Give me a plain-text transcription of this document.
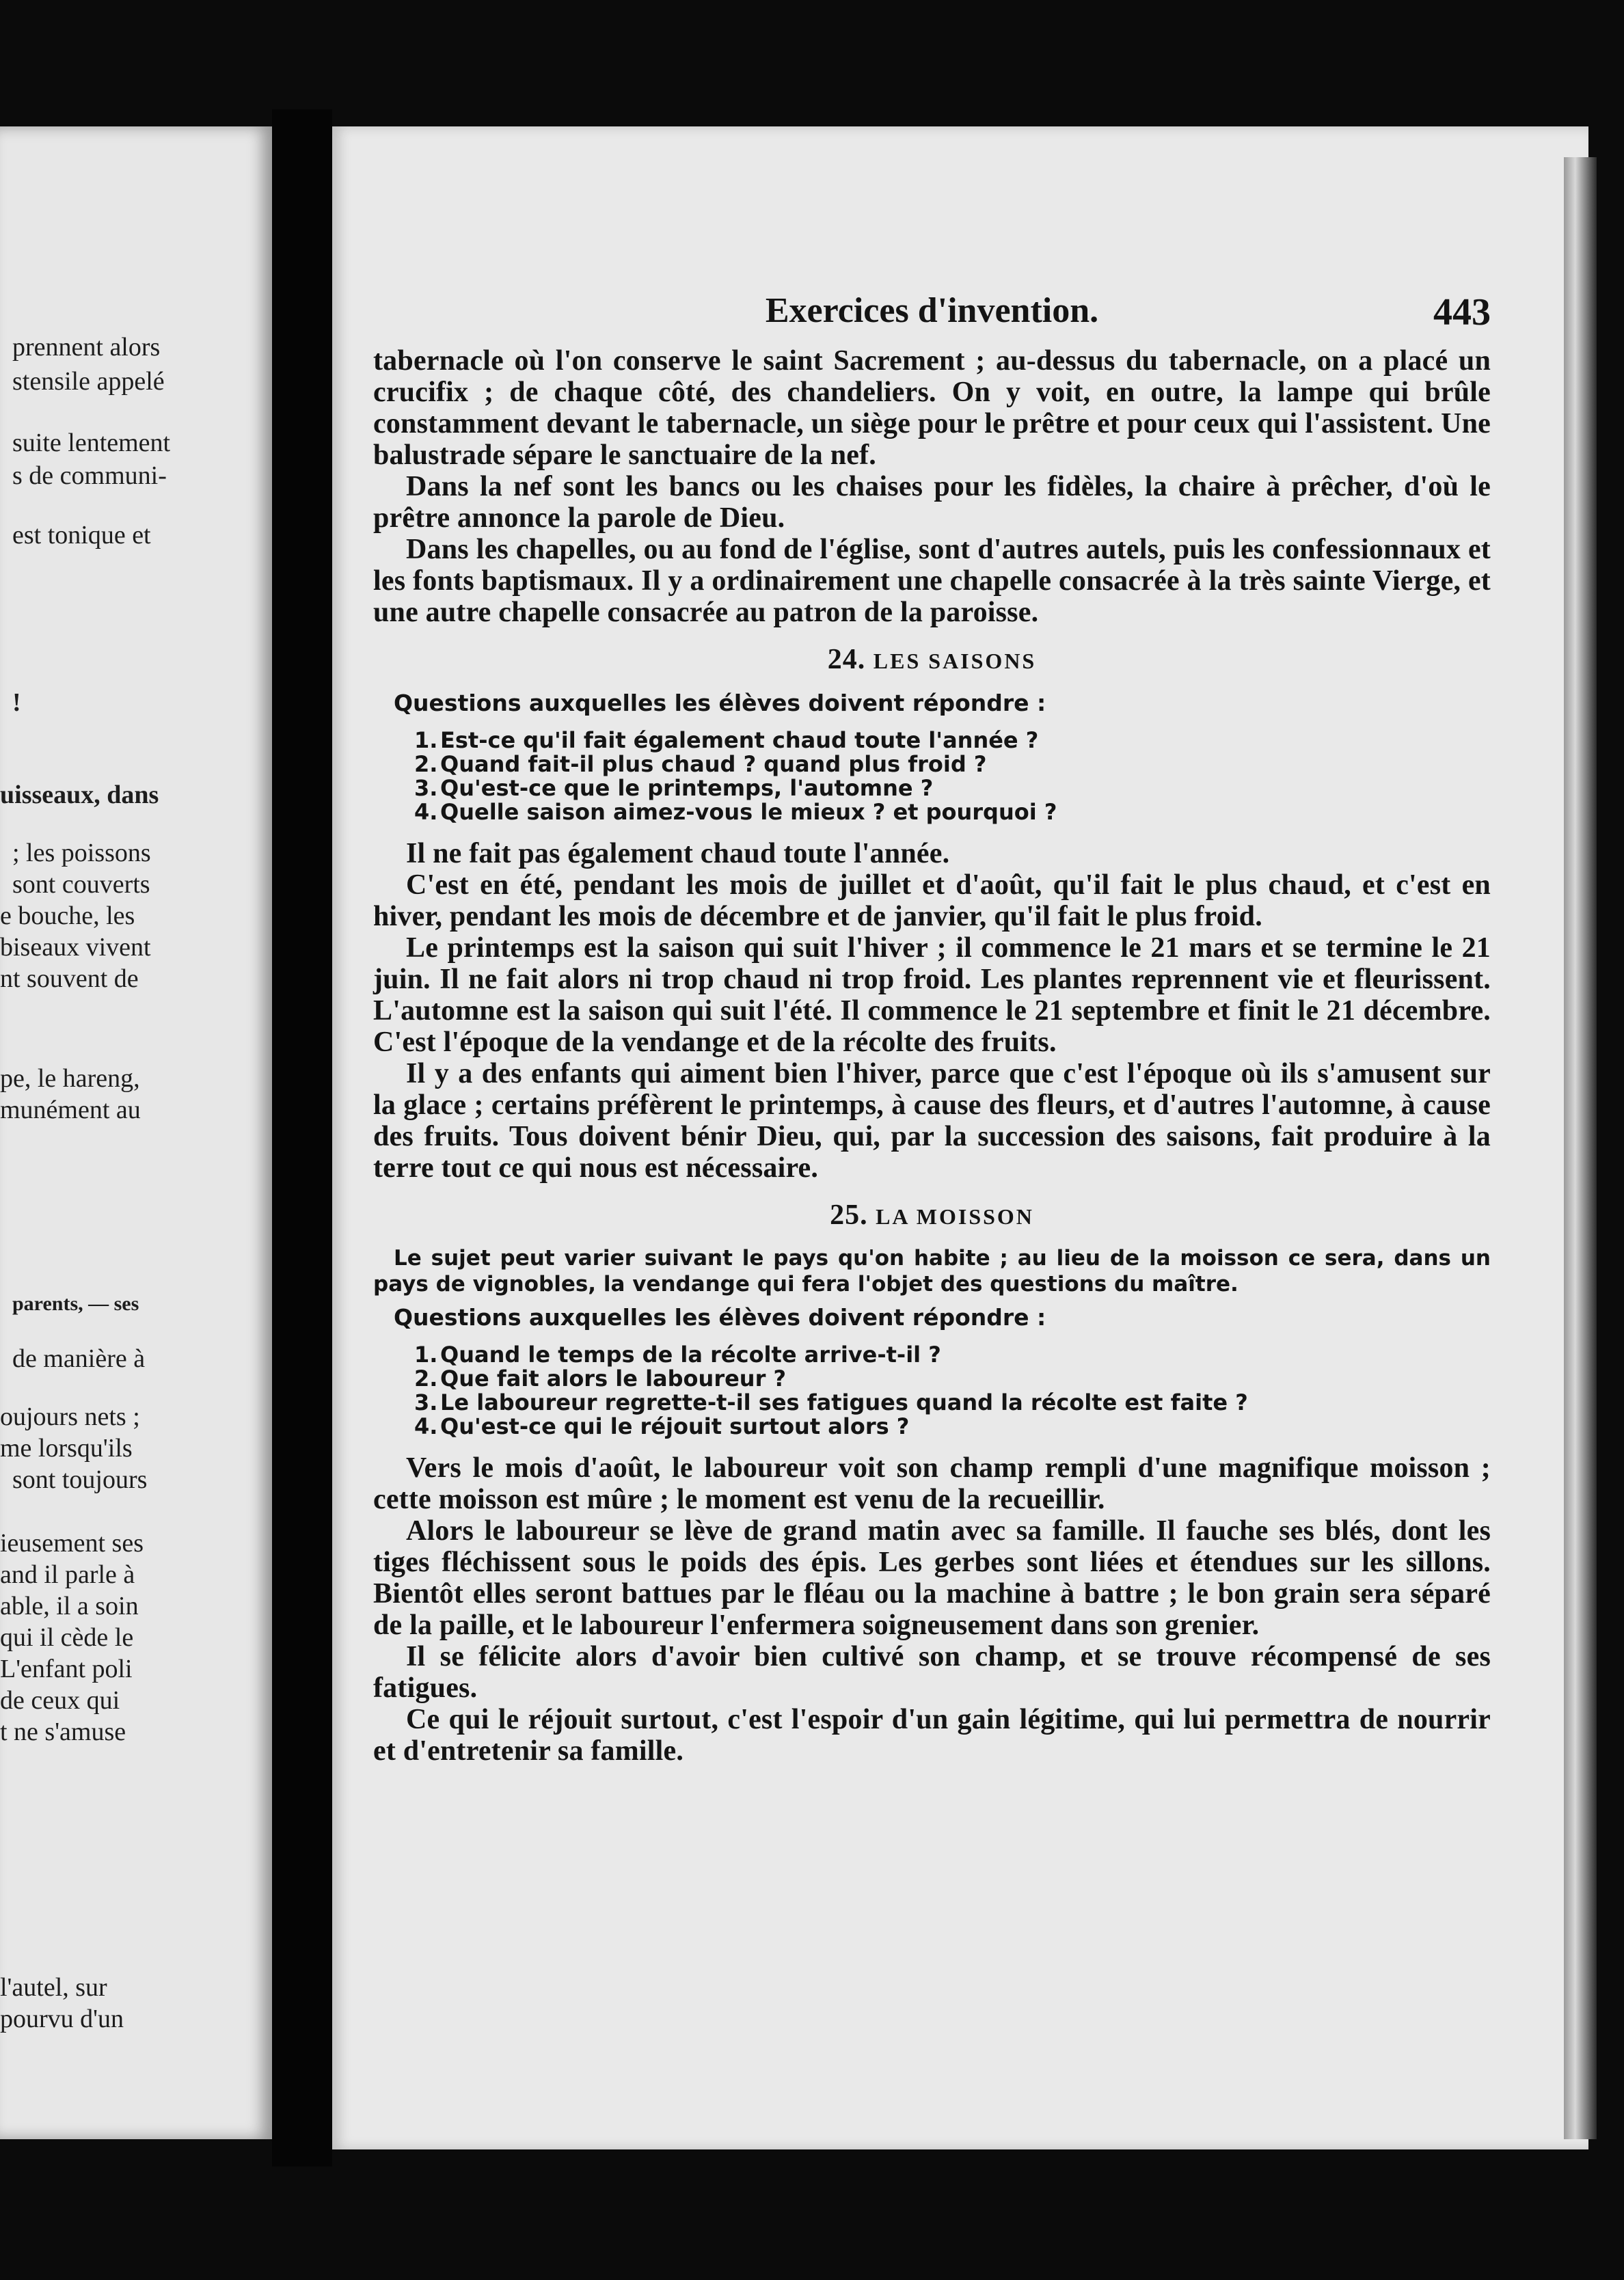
prennent alors
stensile appelé
suite lentement
s de communi-
est tonique et
!
uisseaux, dans
; les poissons
sont couverts
e bouche, les
biseaux vivent
nt souvent de
pe, le hareng,
munément au
parents, — ses
de manière à
oujours nets ;
me lorsqu'ils
sont toujours
ieusement ses
and il parle à
able, il a soin
qui il cède le
L'enfant poli
de ceux qui
t ne s'amuse
l'autel, sur
pourvu d'un
Exercices d'invention.	443

tabernacle où l'on conserve le saint Sacrement ; au-dessus du tabernacle, on a placé un crucifix ; de chaque côté, des chandeliers. On y voit, en outre, la lampe qui brûle constamment devant le tabernacle, un siège pour le prêtre et pour ceux qui l'assistent. Une balustrade sépare le sanctuaire de la nef.

Dans la nef sont les bancs ou les chaises pour les fidèles, la chaire à prêcher, d'où le prêtre annonce la parole de Dieu.

Dans les chapelles, ou au fond de l'église, sont d'autres autels, puis les confessionnaux et les fonts baptismaux. Il y a ordinairement une chapelle consacrée à la très sainte Vierge, et une autre chapelle consacrée au patron de la paroisse.

24. LES SAISONS
Questions auxquelles les élèves doivent répondre :
1. Est-ce qu'il fait également chaud toute l'année ?
2. Quand fait-il plus chaud ? quand plus froid ?
3. Qu'est-ce que le printemps, l'automne ?
4. Quelle saison aimez-vous le mieux ? et pourquoi ?

Il ne fait pas également chaud toute l'année.

C'est en été, pendant les mois de juillet et d'août, qu'il fait le plus chaud, et c'est en hiver, pendant les mois de décembre et de janvier, qu'il fait le plus froid.

Le printemps est la saison qui suit l'hiver ; il commence le 21 mars et se termine le 21 juin. Il ne fait alors ni trop chaud ni trop froid. Les plantes reprennent vie et fleurissent. L'automne est la saison qui suit l'été. Il commence le 21 septembre et finit le 21 décembre. C'est l'époque de la vendange et de la récolte des fruits.

Il y a des enfants qui aiment bien l'hiver, parce que c'est l'époque où ils s'amusent sur la glace ; certains préfèrent le printemps, à cause des fleurs, et d'autres l'automne, à cause des fruits. Tous doivent bénir Dieu, qui, par la succession des saisons, fait produire à la terre tout ce qui nous est nécessaire.

25. LA MOISSON
Le sujet peut varier suivant le pays qu'on habite ; au lieu de la moisson ce sera, dans un pays de vignobles, la vendange qui fera l'objet des questions du maître.
Questions auxquelles les élèves doivent répondre :
1. Quand le temps de la récolte arrive-t-il ?
2. Que fait alors le laboureur ?
3. Le laboureur regrette-t-il ses fatigues quand la récolte est faite ?
4. Qu'est-ce qui le réjouit surtout alors ?

Vers le mois d'août, le laboureur voit son champ rempli d'une magnifique moisson ; cette moisson est mûre ; le moment est venu de la recueillir.

Alors le laboureur se lève de grand matin avec sa famille. Il fauche ses blés, dont les tiges fléchissent sous le poids des épis. Les gerbes sont liées et étendues sur les sillons. Bientôt elles seront battues par le fléau ou la machine à battre ; le bon grain sera séparé de la paille, et le laboureur l'enfermera soigneusement dans son grenier.

Il se félicite alors d'avoir bien cultivé son champ, et se trouve récompensé de ses fatigues.

Ce qui le réjouit surtout, c'est l'espoir d'un gain légitime, qui lui permettra de nourrir et d'entretenir sa famille.
